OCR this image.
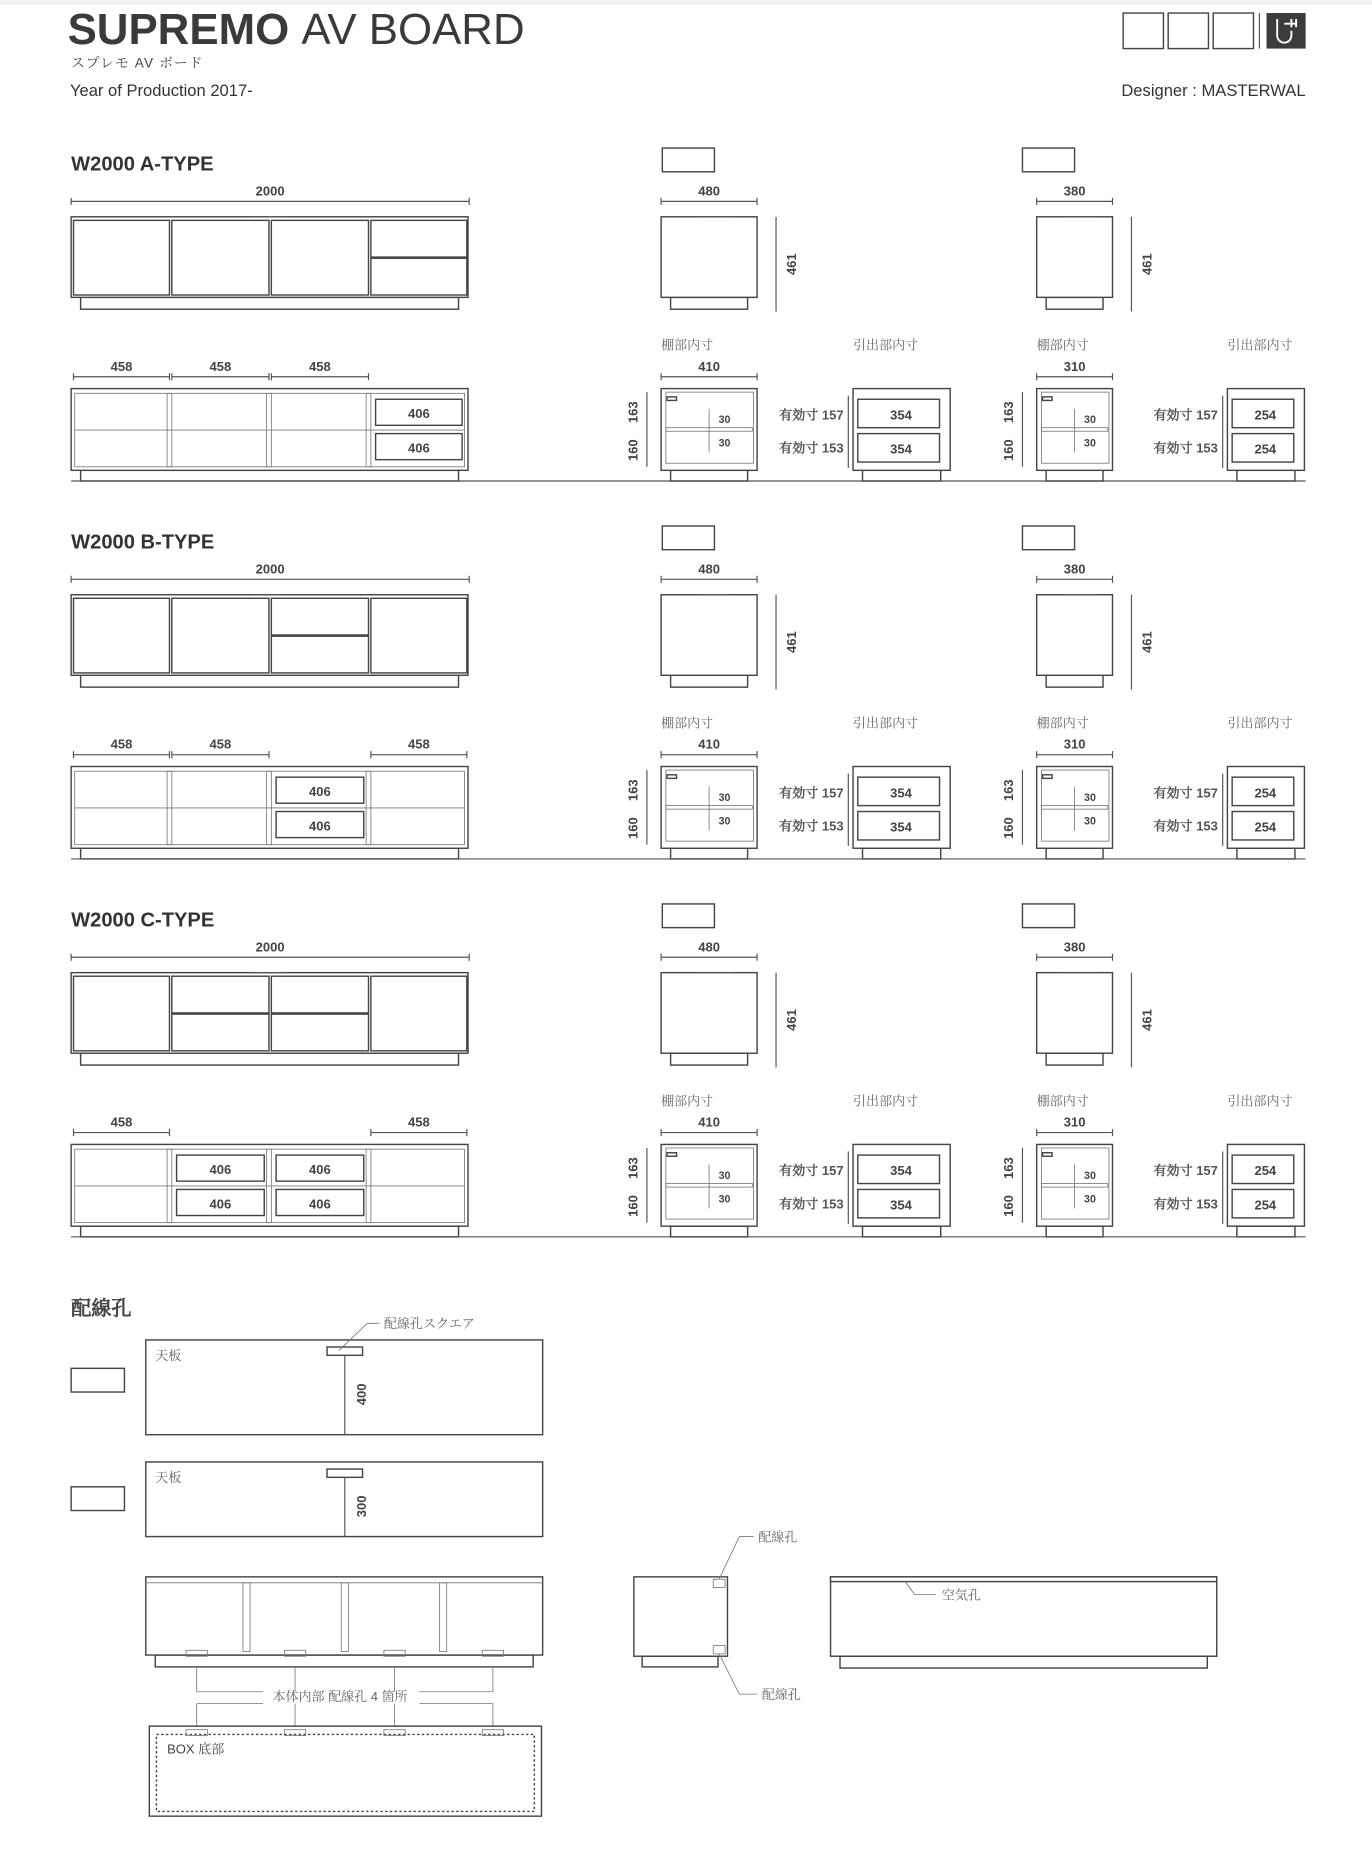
SUPREMO AV BOARD
スプレモ AV ボード
Year of Production 2017-	Designer : MASTERWAL
WN RO BC
W2000 A-TYPE
2000
458	458	458
406
406
D480
480
461
棚部内寸	引出部内寸
410
30
30
163
160
有効寸 157
有効寸 153
354
354
D380
380
461
棚部内寸	引出部内寸
310
30
30
163
160
有効寸 157
有効寸 153
254
254
W2000 B-TYPE
2000
458	458	458
406
406
D480
480
461
棚部内寸	引出部内寸
410
30
30
163
160
有効寸 157
有効寸 153
354
354
D380
380
461
棚部内寸	引出部内寸
310
30
30
163
160
有効寸 157
有効寸 153
254
254
W2000 C-TYPE
2000
458	458
406
406
406
406
D480
480
461
棚部内寸	引出部内寸
410
30
30
163
160
有効寸 157
有効寸 153
354
354
D380
380
461
棚部内寸	引出部内寸
310
30
30
163
160
有効寸 157
有効寸 153
254
254
配線孔
D480
天板
400
D380
天板
300
配線孔スクエア
本体内部 配線孔 4 箇所
BOX 底部
配線孔
配線孔
空気孔
